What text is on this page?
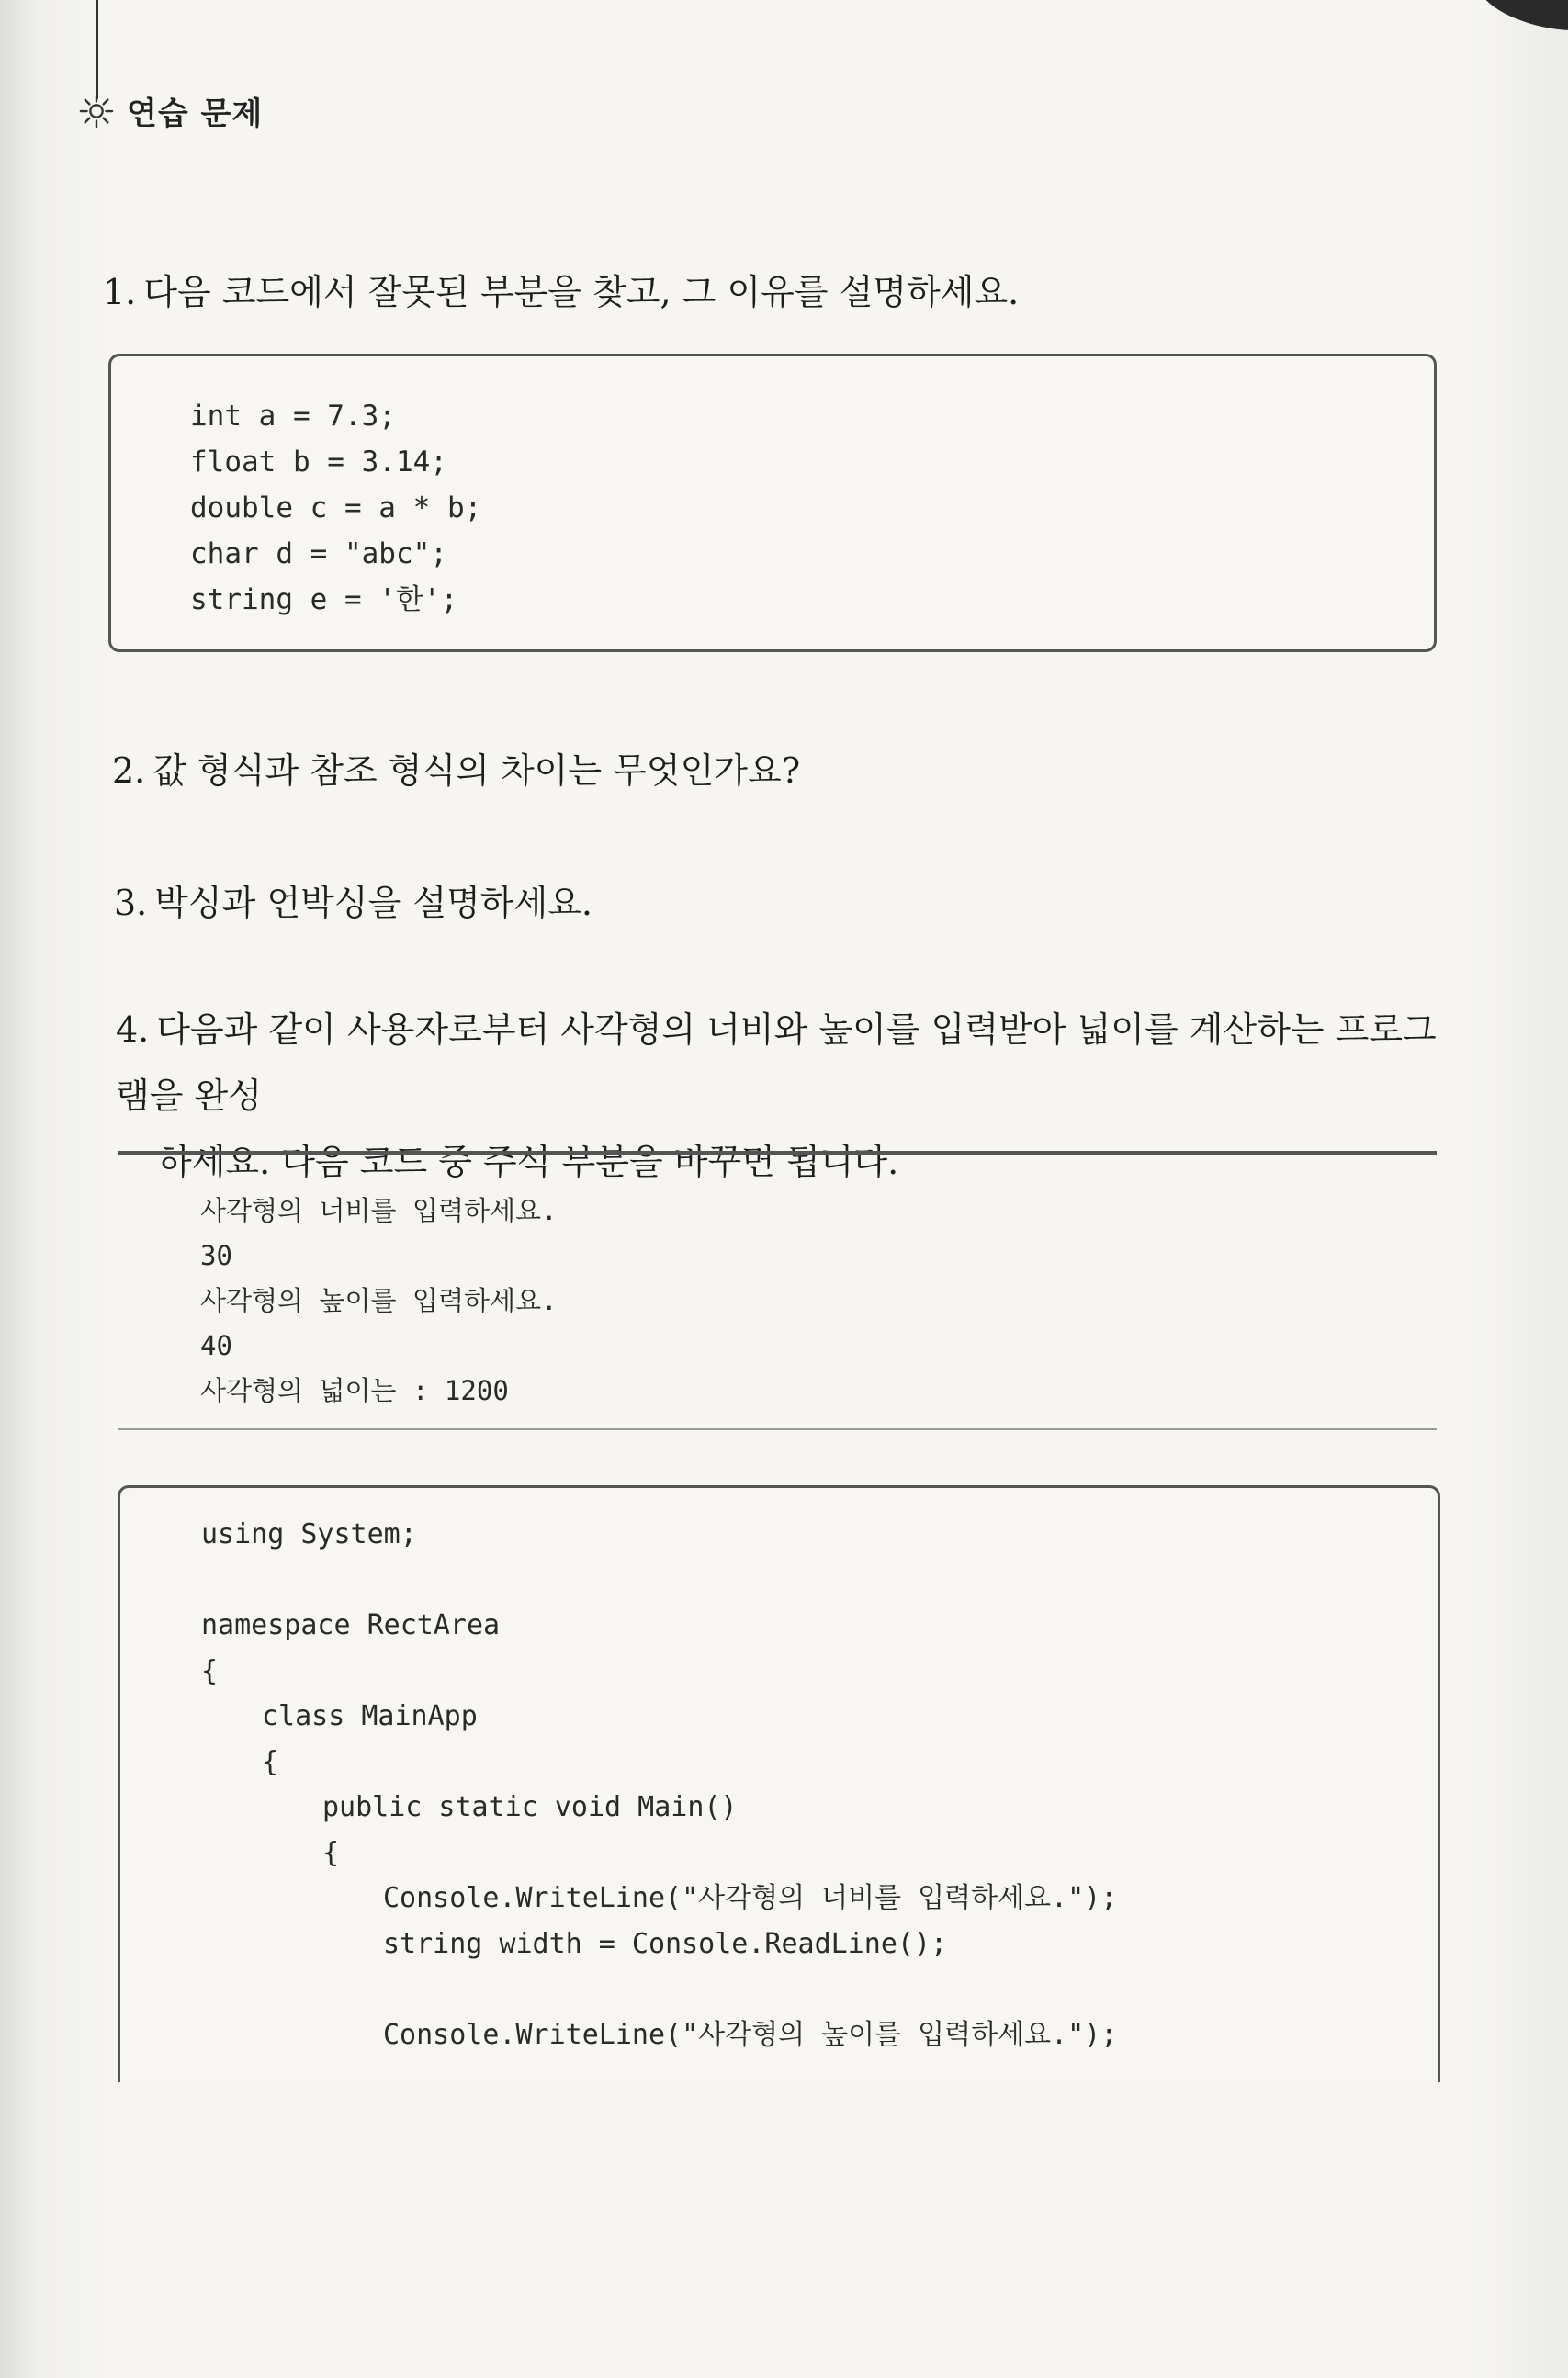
연습 문제
1. 다음 코드에서 잘못된 부분을 찾고, 그 이유를 설명하세요.
int a = 7.3;
float b = 3.14;
double c = a * b;
char d = "abc";
string e = '한';
2. 값 형식과 참조 형식의 차이는 무엇인가요?
3. 박싱과 언박싱을 설명하세요.
4. 다음과 같이 사용자로부터 사각형의 너비와 높이를 입력받아 넓이를 계산하는 프로그램을 완성
하세요. 다음 코드 중 주석 부분을 바꾸면 됩니다.
사각형의 너비를 입력하세요.
30
사각형의 높이를 입력하세요.
40
사각형의 넓이는 : 1200
using System;
namespace RectArea
{
class MainApp
{
public static void Main()
{
Console.WriteLine("사각형의 너비를 입력하세요.");
string width = Console.ReadLine();
Console.WriteLine("사각형의 높이를 입력하세요.");
